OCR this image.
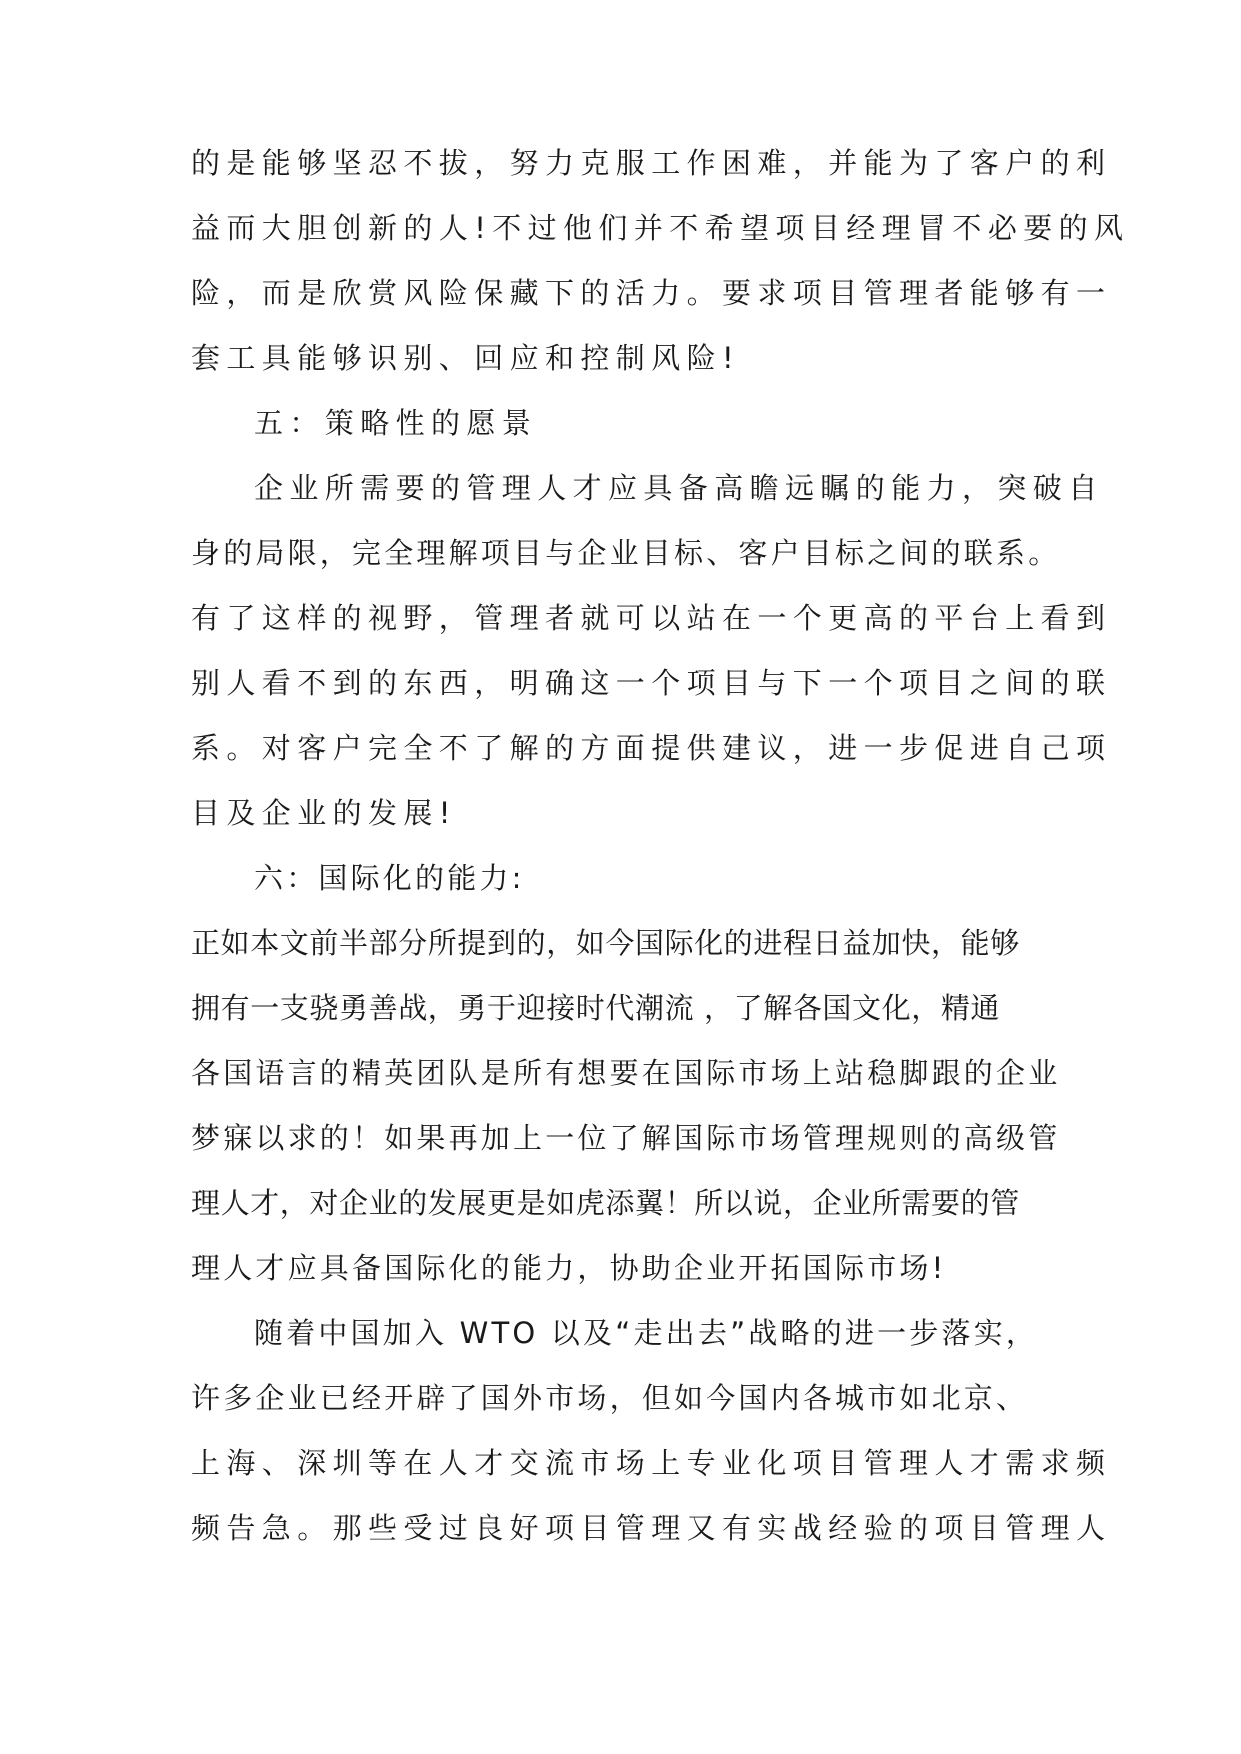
的是能够坚忍不拔，努力克服工作困难，并能为了客户的利
益而大胆创新的人!不过他们并不希望项目经理冒不必要的风
险，而是欣赏风险保藏下的活力。要求项目管理者能够有一
套工具能够识别、回应和控制风险!
五：策略性的愿景
企业所需要的管理人才应具备高瞻远瞩的能力，突破自
身的局限，完全理解项目与企业目标、客户目标之间的联系。
有了这样的视野，管理者就可以站在一个更高的平台上看到
别人看不到的东西，明确这一个项目与下一个项目之间的联
系。对客户完全不了解的方面提供建议，进一步促进自己项
目及企业的发展!
六：国际化的能力:
正如本文前半部分所提到的，如今国际化的进程日益加快，能够
拥有一支骁勇善战，勇于迎接时代潮流 ，了解各国文化，精通
各国语言的精英团队是所有想要在国际市场上站稳脚跟的企业
梦寐以求的！如果再加上一位了解国际市场管理规则的高级管
理人才，对企业的发展更是如虎添翼！所以说，企业所需要的管
理人才应具备国际化的能力，协助企业开拓国际市场!
随着中国加入 WTO 以及“走出去”战略的进一步落实，
许多企业已经开辟了国外市场，但如今国内各城市如北京、
上海、深圳等在人才交流市场上专业化项目管理人才需求频
频告急。那些受过良好项目管理又有实战经验的项目管理人
